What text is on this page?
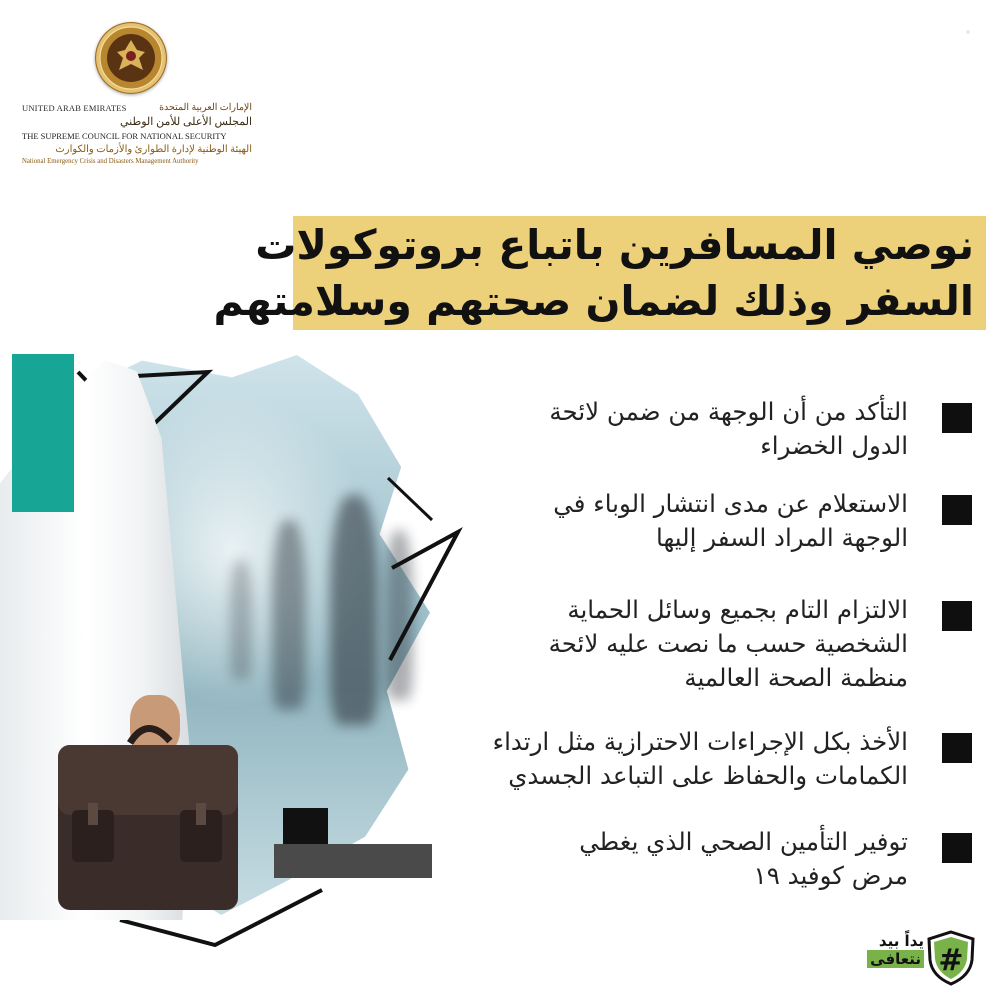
UNITED ARAB EMIRATES	الإمارات العربية المتحدة
المجلس الأعلى للأمن الوطني
THE SUPREME COUNCIL FOR NATIONAL SECURITY
الهيئة الوطنية لإدارة الطوارئ والأزمات والكوارث
National Emergency Crisis and Disasters Management Authority
نوصي المسافرين باتباع بروتوكولات
السفر وذلك لضمان صحتهم وسلامتهم
التأكد من أن الوجهة من ضمن لائحة
الدول الخضراء
الاستعلام عن مدى انتشار الوباء في
الوجهة المراد السفر إليها
الالتزام التام بجميع وسائل الحماية
الشخصية حسب ما نصت عليه لائحة
منظمة الصحة العالمية
الأخذ بكل الإجراءات الاحترازية مثل ارتداء
الكمامات والحفاظ على التباعد الجسدي
توفير التأمين الصحي الذي يغطي
مرض كوفيد ١٩
يداً بيد
نتعافى #
